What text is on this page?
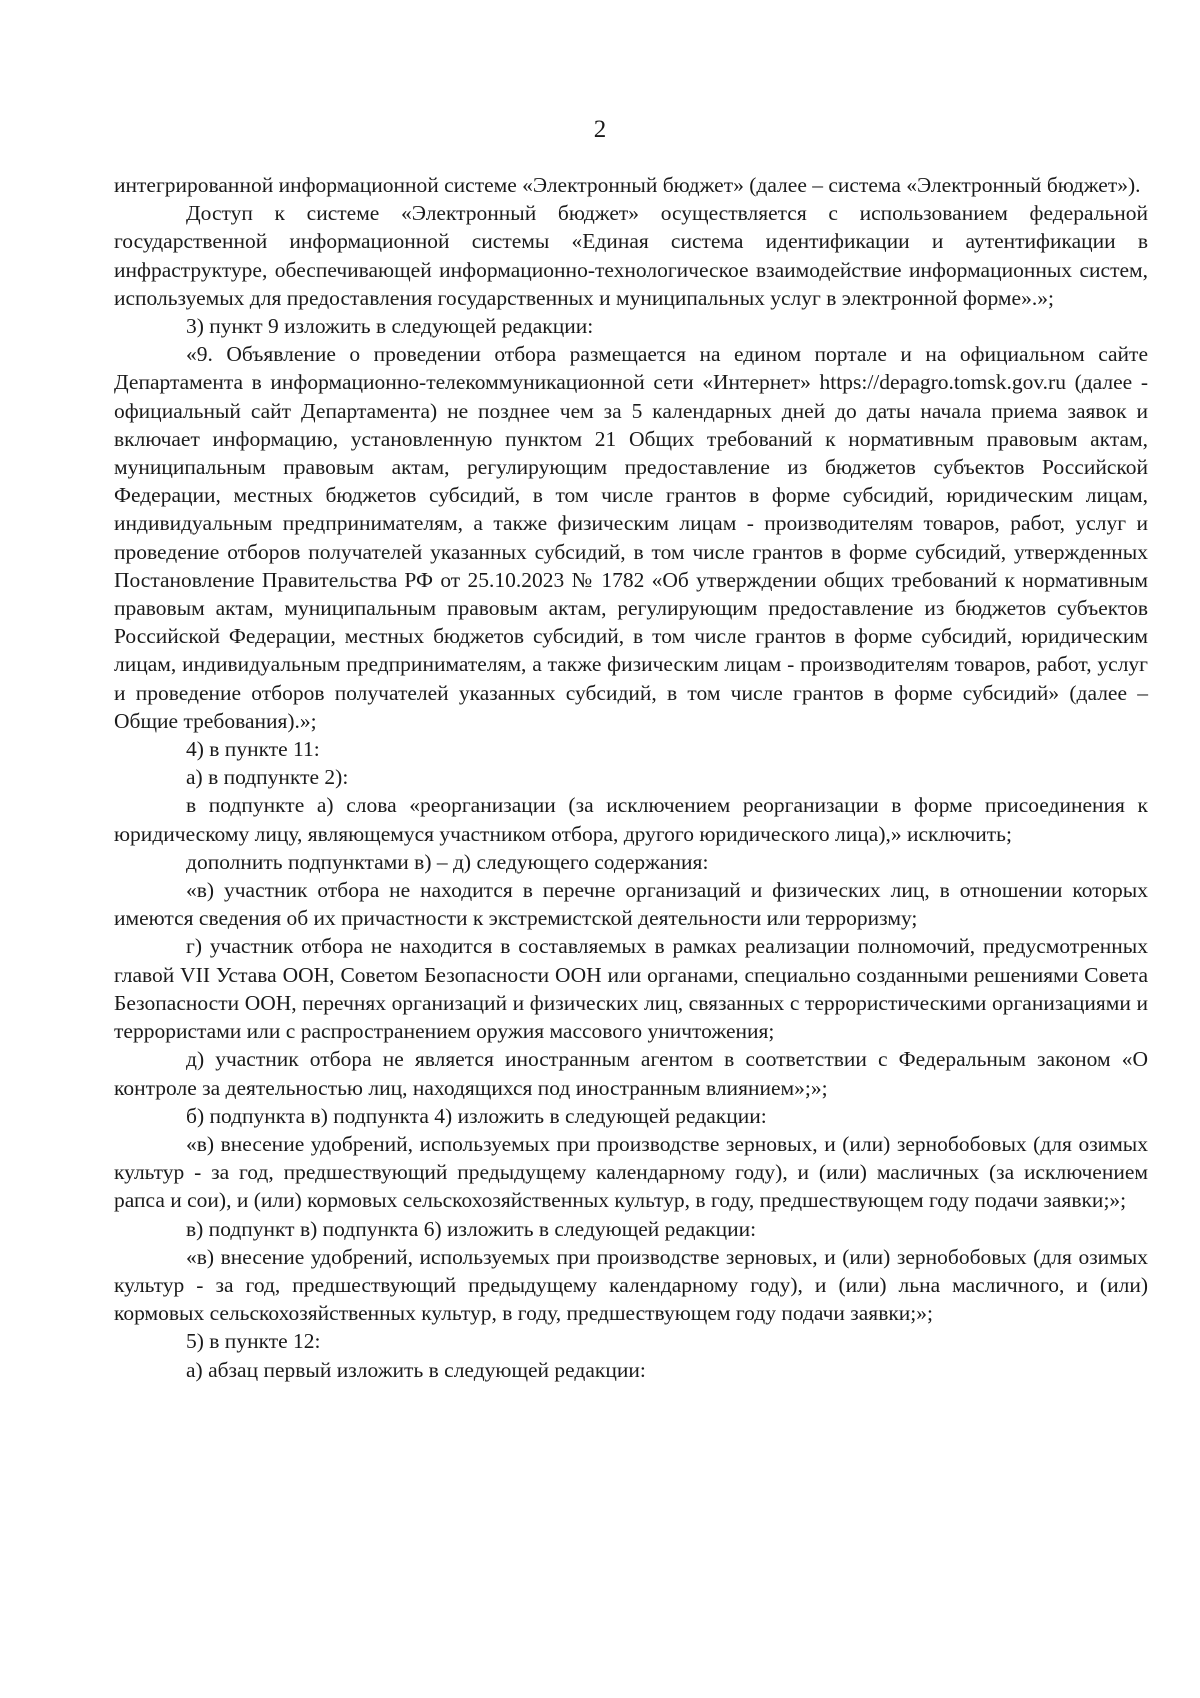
2

интегрированной информационной системе «Электронный бюджет» (далее – система «Электронный бюджет»).

Доступ к системе «Электронный бюджет» осуществляется с использованием федеральной государственной информационной системы «Единая система идентификации и аутентификации в инфраструктуре, обеспечивающей информационно-технологическое взаимодействие информационных систем, используемых для предоставления государственных и муниципальных услуг в электронной форме».»;

3) пункт 9 изложить в следующей редакции:

«9. Объявление о проведении отбора размещается на едином портале и на официальном сайте Департамента в информационно-телекоммуникационной сети «Интернет» https://depagro.tomsk.gov.ru (далее - официальный сайт Департамента) не позднее чем за 5 календарных дней до даты начала приема заявок и включает информацию, установленную пунктом 21 Общих требований к нормативным правовым актам, муниципальным правовым актам, регулирующим предоставление из бюджетов субъектов Российской Федерации, местных бюджетов субсидий, в том числе грантов в форме субсидий, юридическим лицам, индивидуальным предпринимателям, а также физическим лицам - производителям товаров, работ, услуг и проведение отборов получателей указанных субсидий, в том числе грантов в форме субсидий, утвержденных Постановление Правительства РФ от 25.10.2023 № 1782 «Об утверждении общих требований к нормативным правовым актам, муниципальным правовым актам, регулирующим предоставление из бюджетов субъектов Российской Федерации, местных бюджетов субсидий, в том числе грантов в форме субсидий, юридическим лицам, индивидуальным предпринимателям, а также физическим лицам - производителям товаров, работ, услуг и проведение отборов получателей указанных субсидий, в том числе грантов в форме субсидий» (далее – Общие требования).»;

4) в пункте 11:

а) в подпункте 2):

в подпункте а) слова «реорганизации (за исключением реорганизации в форме присоединения к юридическому лицу, являющемуся участником отбора, другого юридического лица),» исключить;

дополнить подпунктами в) – д) следующего содержания:

«в) участник отбора не находится в перечне организаций и физических лиц, в отношении которых имеются сведения об их причастности к экстремистской деятельности или терроризму;

г) участник отбора не находится в составляемых в рамках реализации полномочий, предусмотренных главой VII Устава ООН, Советом Безопасности ООН или органами, специально созданными решениями Совета Безопасности ООН, перечнях организаций и физических лиц, связанных с террористическими организациями и террористами или с распространением оружия массового уничтожения;

д) участник отбора не является иностранным агентом в соответствии с Федеральным законом «О контроле за деятельностью лиц, находящихся под иностранным влиянием»;»;

б) подпункта в) подпункта 4) изложить в следующей редакции:

«в) внесение удобрений, используемых при производстве зерновых, и (или) зернобобовых (для озимых культур - за год, предшествующий предыдущему календарному году), и (или) масличных (за исключением рапса и сои), и (или) кормовых сельскохозяйственных культур, в году, предшествующем году подачи заявки;»;

в) подпункт в) подпункта 6) изложить в следующей редакции:

«в) внесение удобрений, используемых при производстве зерновых, и (или) зернобобовых (для озимых культур - за год, предшествующий предыдущему календарному году), и (или) льна масличного, и (или) кормовых сельскохозяйственных культур, в году, предшествующем году подачи заявки;»;

5) в пункте 12:

а) абзац первый изложить в следующей редакции:
